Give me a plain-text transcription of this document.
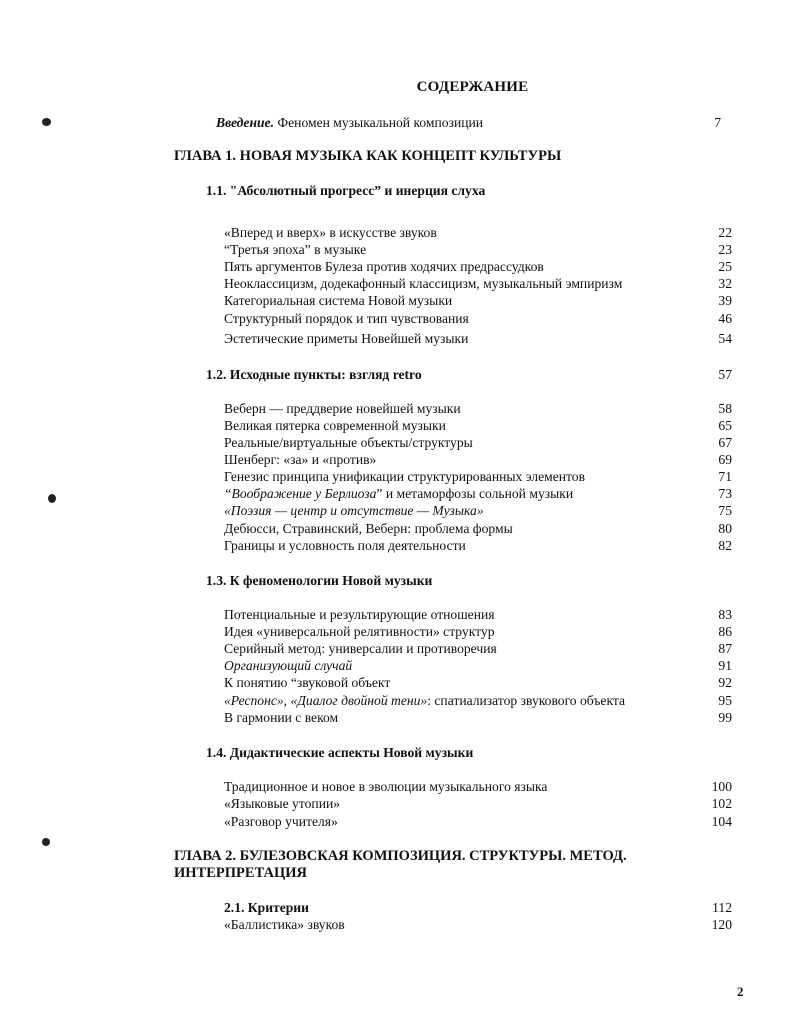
СОДЕРЖАНИЕ
Введение. Феномен музыкальной композиции	7
ГЛАВА 1. НОВАЯ МУЗЫКА КАК КОНЦЕПТ КУЛЬТУРЫ
1.1. "Абсолютный прогресс” и инерция слуха
«Вперед и вверх» в искусстве звуков	22
“Третья эпоха” в музыке	23
Пять аргументов Булеза против ходячих предрассудков	25
Неоклассицизм, додекафонный классицизм, музыкальный эмпиризм	32
Категориальная система Новой музыки	39
Структурный порядок и тип чувствования	46
Эстетические приметы Новейшей музыки	54
1.2. Исходные пункты: взгляд retro	57
Веберн — преддверие новейшей музыки	58
Великая пятерка современной музыки	65
Реальные/виртуальные объекты/структуры	67
Шенберг: «за» и «против»	69
Генезис принципа унификации структурированных элементов	71
“Воображение у Берлиоза” и метаморфозы сольной музыки	73
«Поэзия — центр и отсутствие — Музыка»	75
Дебюсси, Стравинский, Веберн: проблема формы	80
Границы и условность поля деятельности	82
1.3. К феноменологии Новой музыки
Потенциальные и результирующие отношения	83
Идея «универсальной релятивности» структур	86
Серийный метод: универсалии и противоречия	87
Организующий случай	91
К понятию “звуковой объект	92
«Респонс», «Диалог двойной тени»: спатиализатор звукового объекта	95
В гармонии с веком	99
1.4. Дидактические аспекты Новой музыки
Традиционное и новое в эволюции музыкального языка	100
«Языковые утопии»	102
«Разговор учителя»	104
ГЛАВА 2. БУЛЕЗОВСКАЯ КОМПОЗИЦИЯ. СТРУКТУРЫ. МЕТОД.
ИНТЕРПРЕТАЦИЯ
2.1. Критерии	112
«Баллистика» звуков	120
2
